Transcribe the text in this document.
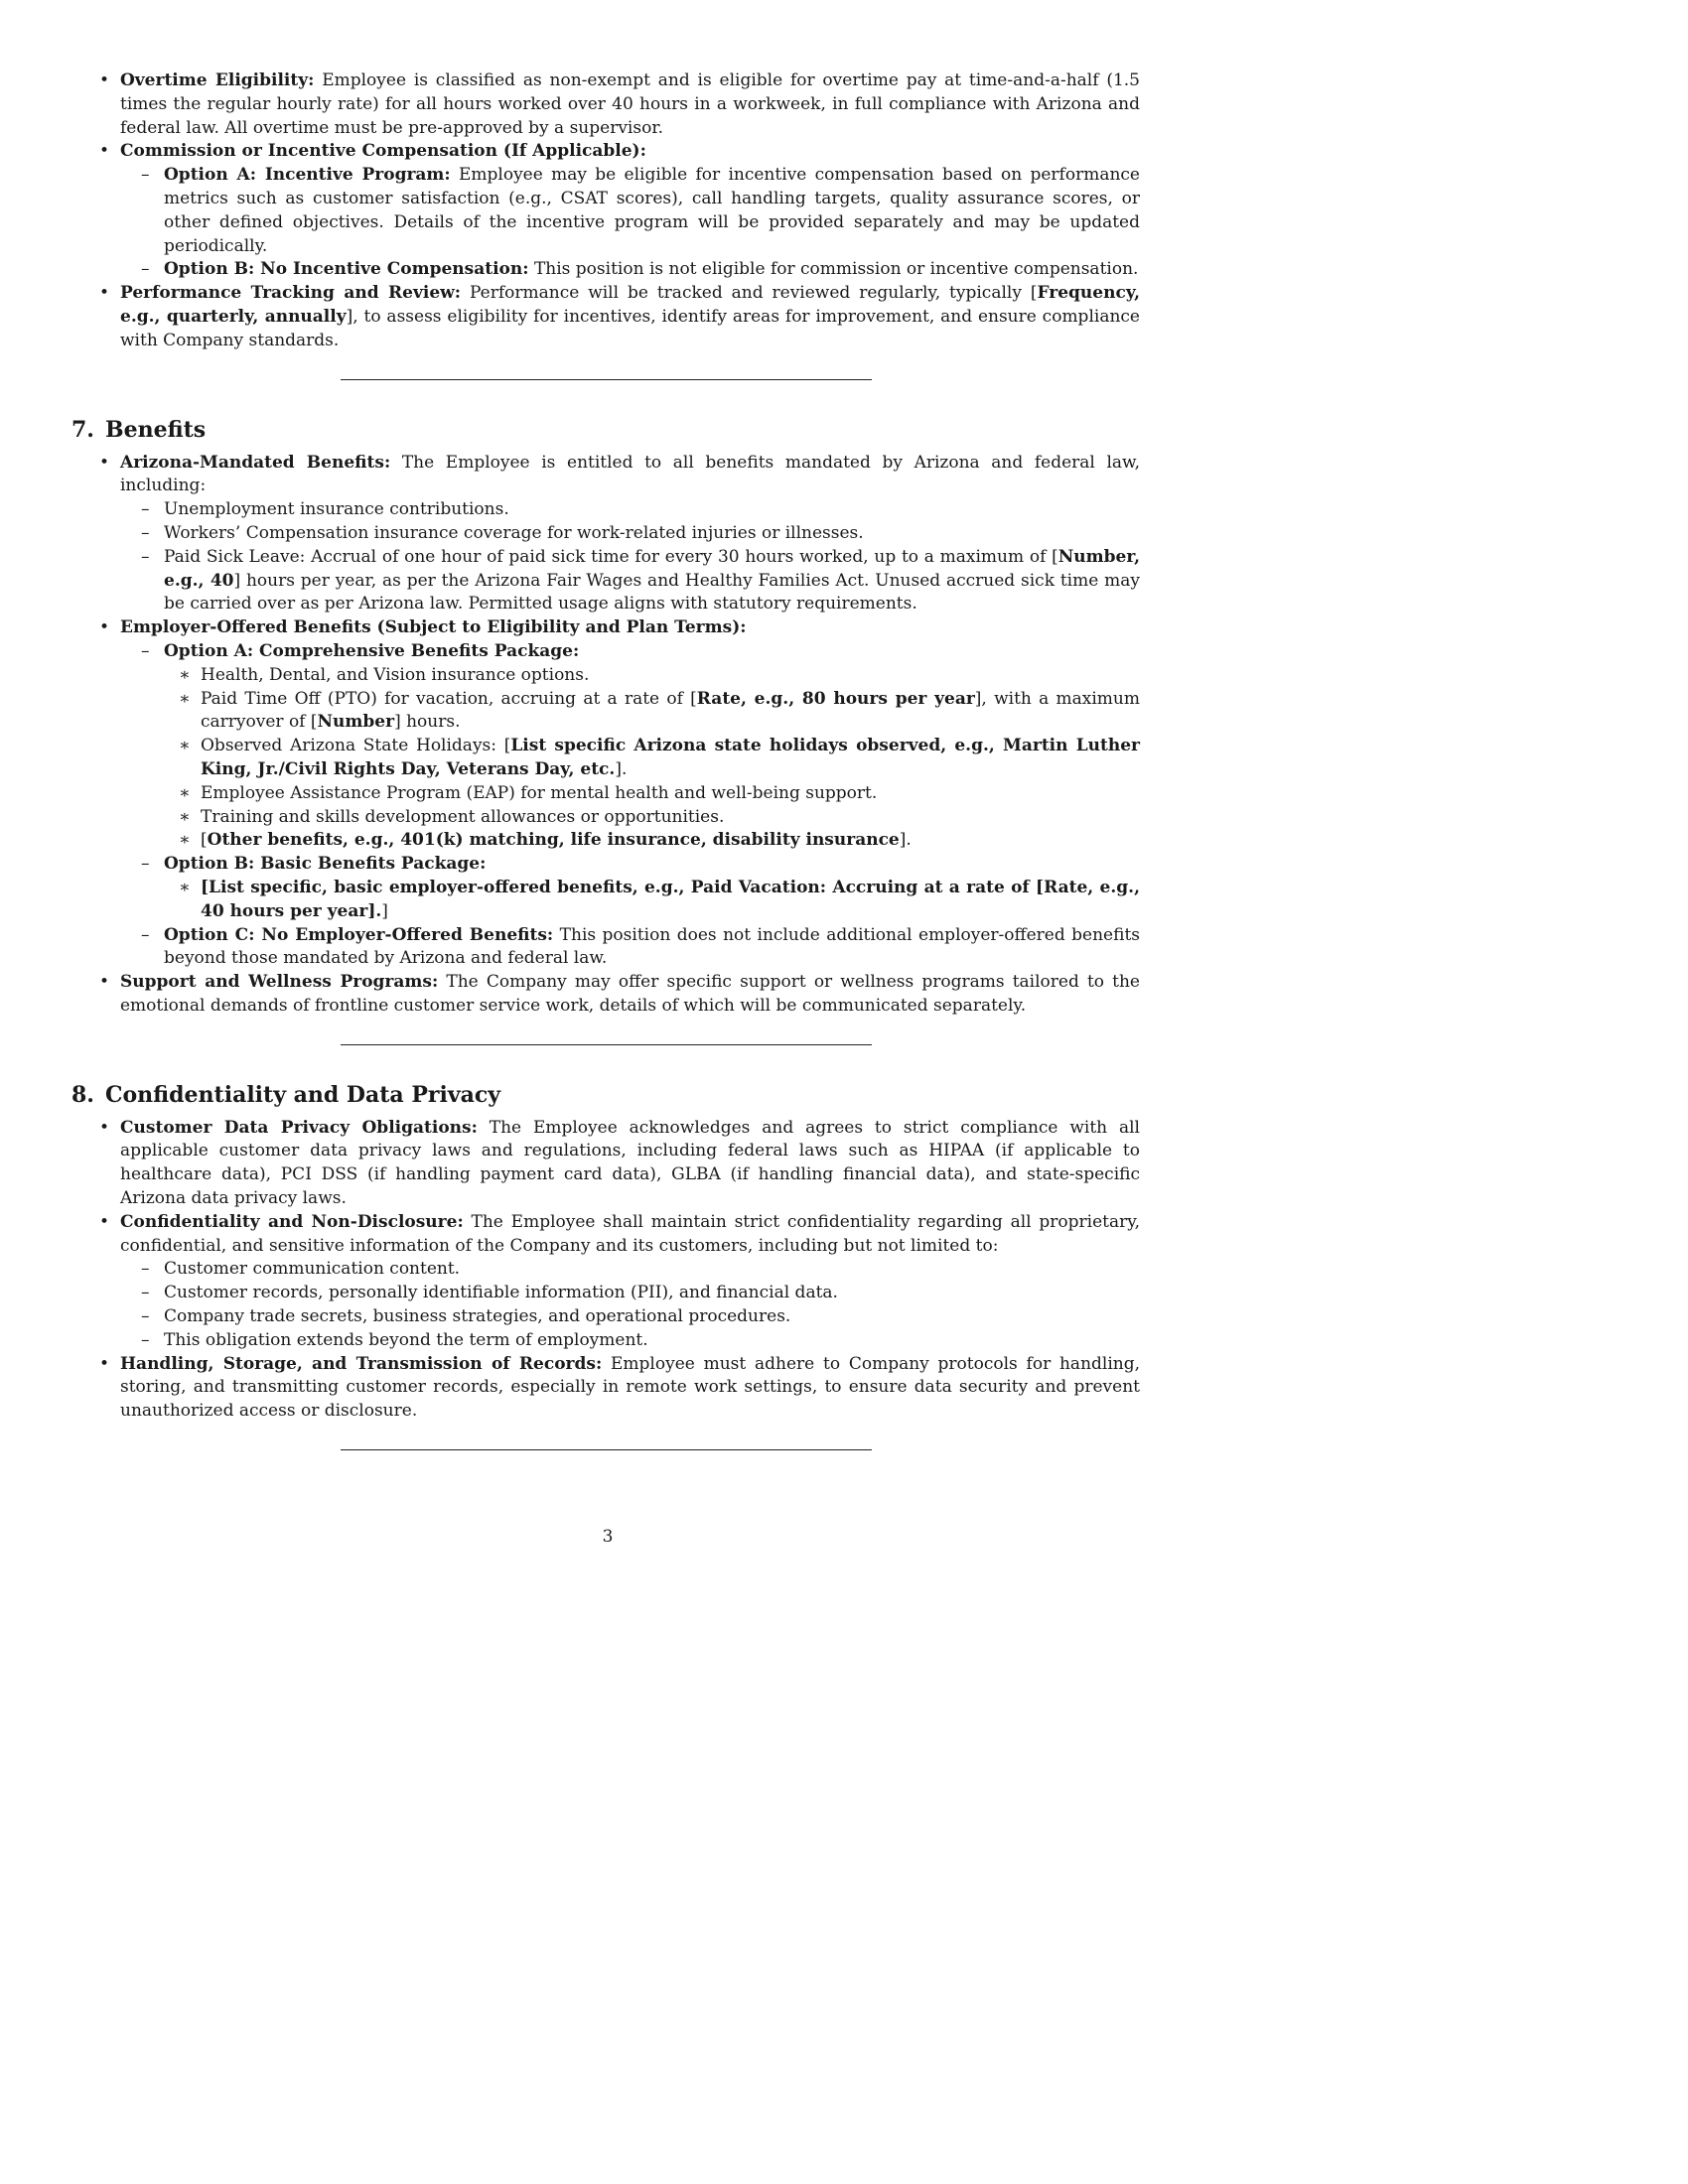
• Overtime Eligibility: Employee is classified as non-exempt and is eligible for overtime pay at time-and-a-half (1.5 times the regular hourly rate) for all hours worked over 40 hours in a workweek, in full compliance with Arizona and federal law. All overtime must be pre-approved by a supervisor.
• Commission or Incentive Compensation (If Applicable):
– Option A: Incentive Program: Employee may be eligible for incentive compensation based on performance metrics such as customer satisfaction (e.g., CSAT scores), call handling targets, quality assurance scores, or other defined objectives. Details of the incentive program will be provided separately and may be updated periodically.
– Option B: No Incentive Compensation: This position is not eligible for commission or incentive compensation.
• Performance Tracking and Review: Performance will be tracked and reviewed regularly, typically [Frequency, e.g., quarterly, annually], to assess eligibility for incentives, identify areas for improvement, and ensure compliance with Company standards.
7. Benefits
• Arizona-Mandated Benefits: The Employee is entitled to all benefits mandated by Arizona and federal law, including:
– Unemployment insurance contributions.
– Workers’ Compensation insurance coverage for work-related injuries or illnesses.
– Paid Sick Leave: Accrual of one hour of paid sick time for every 30 hours worked, up to a maximum of [Number, e.g., 40] hours per year, as per the Arizona Fair Wages and Healthy Families Act. Unused accrued sick time may be carried over as per Arizona law. Permitted usage aligns with statutory requirements.
• Employer-Offered Benefits (Subject to Eligibility and Plan Terms):
– Option A: Comprehensive Benefits Package:
∗ Health, Dental, and Vision insurance options.
∗ Paid Time Off (PTO) for vacation, accruing at a rate of [Rate, e.g., 80 hours per year], with a maximum carryover of [Number] hours.
∗ Observed Arizona State Holidays: [List specific Arizona state holidays observed, e.g., Martin Luther King, Jr./Civil Rights Day, Veterans Day, etc.].
∗ Employee Assistance Program (EAP) for mental health and well-being support.
∗ Training and skills development allowances or opportunities.
∗ [Other benefits, e.g., 401(k) matching, life insurance, disability insurance].
– Option B: Basic Benefits Package:
∗ [List specific, basic employer-offered benefits, e.g., Paid Vacation: Accruing at a rate of [Rate, e.g., 40 hours per year].]
– Option C: No Employer-Offered Benefits: This position does not include additional employer-offered benefits beyond those mandated by Arizona and federal law.
• Support and Wellness Programs: The Company may offer specific support or wellness programs tailored to the emotional demands of frontline customer service work, details of which will be communicated separately.
8. Confidentiality and Data Privacy
• Customer Data Privacy Obligations: The Employee acknowledges and agrees to strict compliance with all applicable customer data privacy laws and regulations, including federal laws such as HIPAA (if applicable to healthcare data), PCI DSS (if handling payment card data), GLBA (if handling financial data), and state-specific Arizona data privacy laws.
• Confidentiality and Non-Disclosure: The Employee shall maintain strict confidentiality regarding all proprietary, confidential, and sensitive information of the Company and its customers, including but not limited to:
– Customer communication content.
– Customer records, personally identifiable information (PII), and financial data.
– Company trade secrets, business strategies, and operational procedures.
– This obligation extends beyond the term of employment.
• Handling, Storage, and Transmission of Records: Employee must adhere to Company protocols for handling, storing, and transmitting customer records, especially in remote work settings, to ensure data security and prevent unauthorized access or disclosure.
3
